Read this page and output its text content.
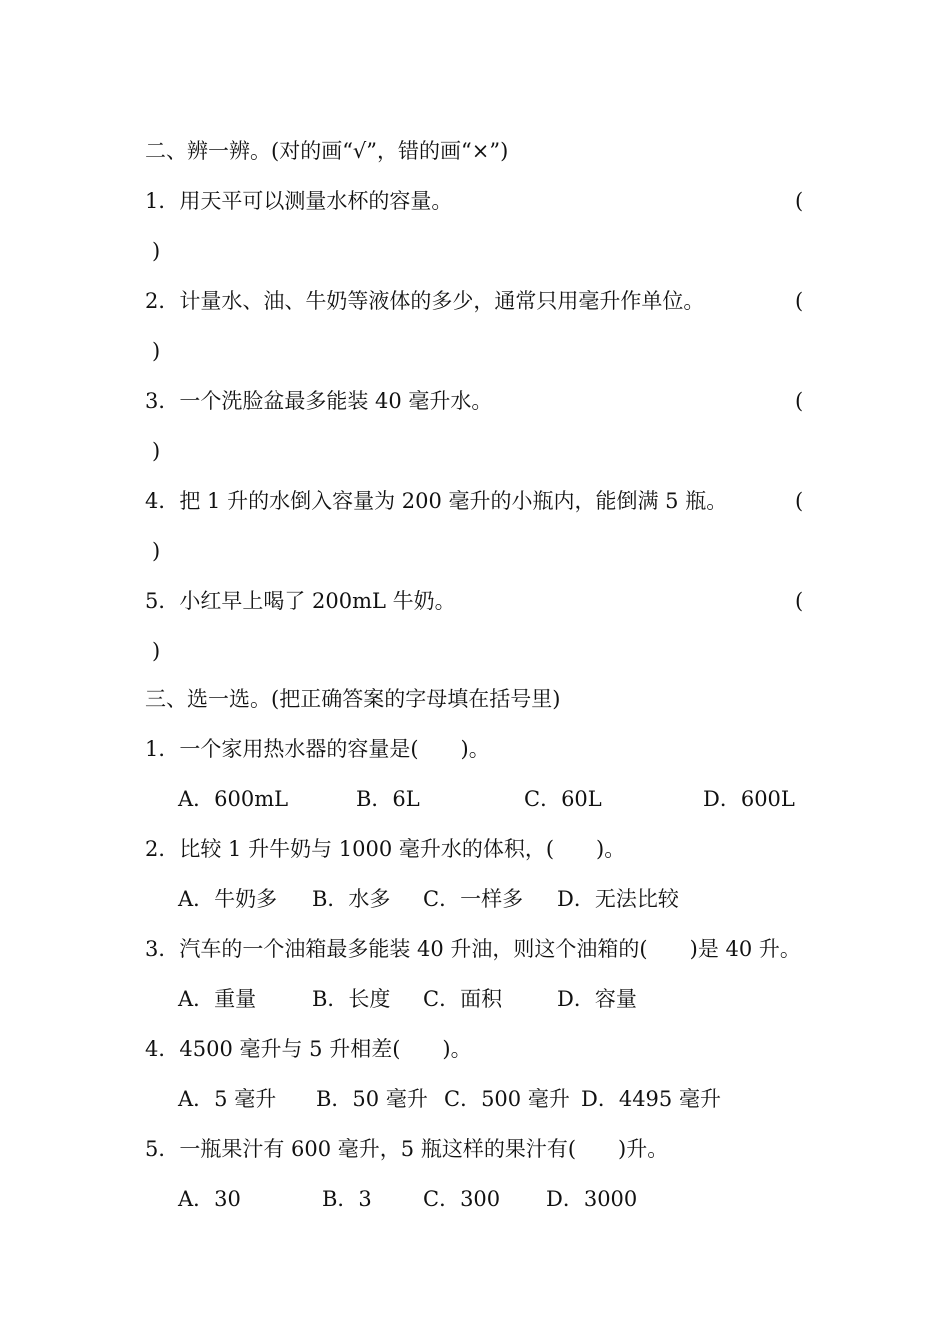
二、辨一辨。(对的画“√”，错的画“×”)
1．用天平可以测量水杯的容量。	(
)
2．计量水、油、牛奶等液体的多少，通常只用毫升作单位。	(
)
3．一个洗脸盆最多能装 40 毫升水。	(
)
4．把 1 升的水倒入容量为 200 毫升的小瓶内，能倒满 5 瓶。	(
)
5．小红早上喝了 200mL 牛奶。	(
)
三、选一选。(把正确答案的字母填在括号里)
1．一个家用热水器的容量是(　　)。
A．600mL	B．6L	C．60L	D．600L
2．比较 1 升牛奶与 1000 毫升水的体积，(　　)。
A．牛奶多 B．水多 C．一样多 D．无法比较
3．汽车的一个油箱最多能装 40 升油，则这个油箱的(　　)是 40 升。
A．重量	B．长度 C．面积	D．容量
4．4500 毫升与 5 升相差(　　)。
A．5 毫升 B．50 毫升 C．500 毫升 D．4495 毫升
5．一瓶果汁有 600 毫升，5 瓶这样的果汁有(　　)升。
A．30	B．3 C．300 D．3000
